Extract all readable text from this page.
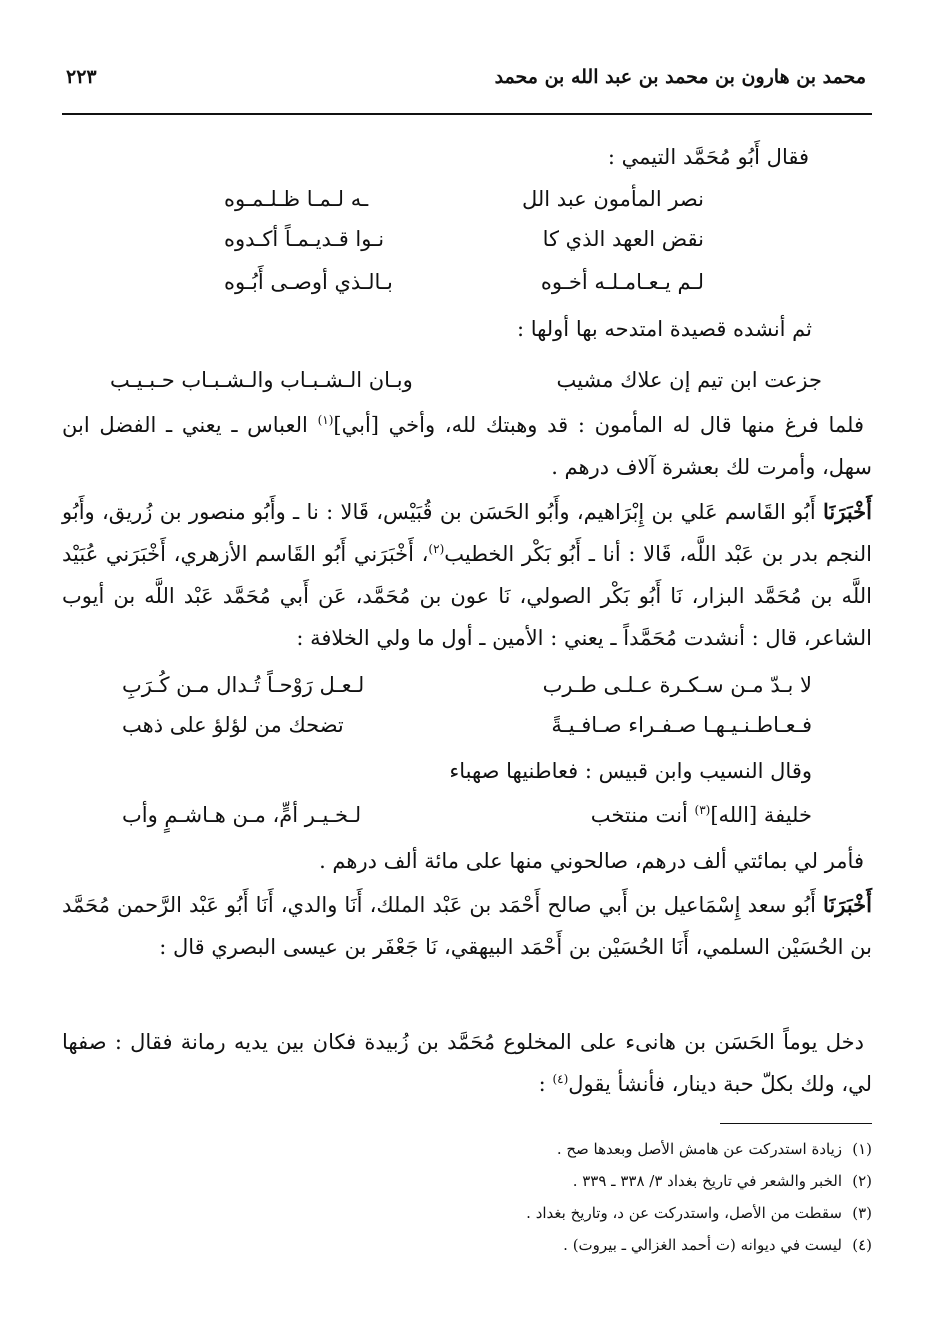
محمد بن هارون بن محمد بن عبد الله بن محمد
٢٢٣
فقال أَبُو مُحَمَّد التيمي :
نصر المأمون عبد الل
ـه لـمـا ظـلـمـوه
نقض العهد الذي كا
نـوا قـديـمـاً أكـدوه
لـم يـعـامـلـه أخـوه
بـالـذي أوصـى أَبُـوه
ثم أنشده قصيدة امتدحه بها أولها :
جزعت ابن تيم إن علاك مشيب
وبـان الـشـبـاب والـشـبـاب حـبـيـب
فلما فرغ منها قال له المأمون : قد وهبتك لله، وأخي [أبي]$^{(١)}$ العباس ـ يعني ـ الفضل ابن سهل، وأمرت لك بعشرة آلاف درهم .
أَخْبَرَنَا أَبُو القَاسم عَلي بن إِبْرَاهيم، وأَبُو الحَسَن بن قُبَيْس، قَالا : نا ـ وأَبُو منصور بن زُريق، وأَبُو النجم بدر بن عَبْد اللَّه، قَالا : أنا ـ أَبُو بَكْر الخطيب$^{(٢)}$، أَخْبَرَني أَبُو القَاسم الأزهري، أَخْبَرَني عُبَيْد اللَّه بن مُحَمَّد البزار، نَا أَبُو بَكْر الصولي، نَا عون بن مُحَمَّد، عَن أَبي مُحَمَّد عَبْد اللَّه بن أيوب الشاعر، قال : أنشدت مُحَمَّداً ـ يعني : الأمين ـ أول ما ولي الخلافة :
لا بـدّ مـن سـكـرة عـلـى طـرب
لـعـل رَوْحـاً تُـدال مـن كُـرَبِ
فـعـاطـنـيـهـا صـفـراء صـافـيـةً
تضحك من لؤلؤ على ذهب
وقال النسيب وابن قبيس : فعاطنيها صهباء
خليفة [الله]$^{(٣)}$ أنت منتخب
لـخـيـر أمٍّ، مـن هـاشـمٍ وأب
فأمر لي بمائتي ألف درهم، صالحوني منها على مائة ألف درهم .
أَخْبَرَنَا أَبُو سعد إِسْمَاعيل بن أَبي صالح أَحْمَد بن عَبْد الملك، أَنَا والدي، أَنَا أَبُو عَبْد الرَّحمن مُحَمَّد بن الحُسَيْن السلمي، أَنَا الحُسَيْن بن أَحْمَد البيهقي، نَا جَعْفَر بن عيسى البصري قال :
دخل يوماً الحَسَن بن هانىء على المخلوع مُحَمَّد بن زُبيدة فكان بين يديه رمانة فقال : صفها لي، ولك بكلّ حبة دينار، فأنشأ يقول$^{(٤)}$ :
(١)زيادة استدركت عن هامش الأصل وبعدها صح .
(٢)الخبر والشعر في تاريخ بغداد ٣/ ٣٣٨ ـ ٣٣٩ .
(٣)سقطت من الأصل، واستدركت عن د، وتاريخ بغداد .
(٤)ليست في ديوانه (ت أحمد الغزالي ـ بيروت) .
